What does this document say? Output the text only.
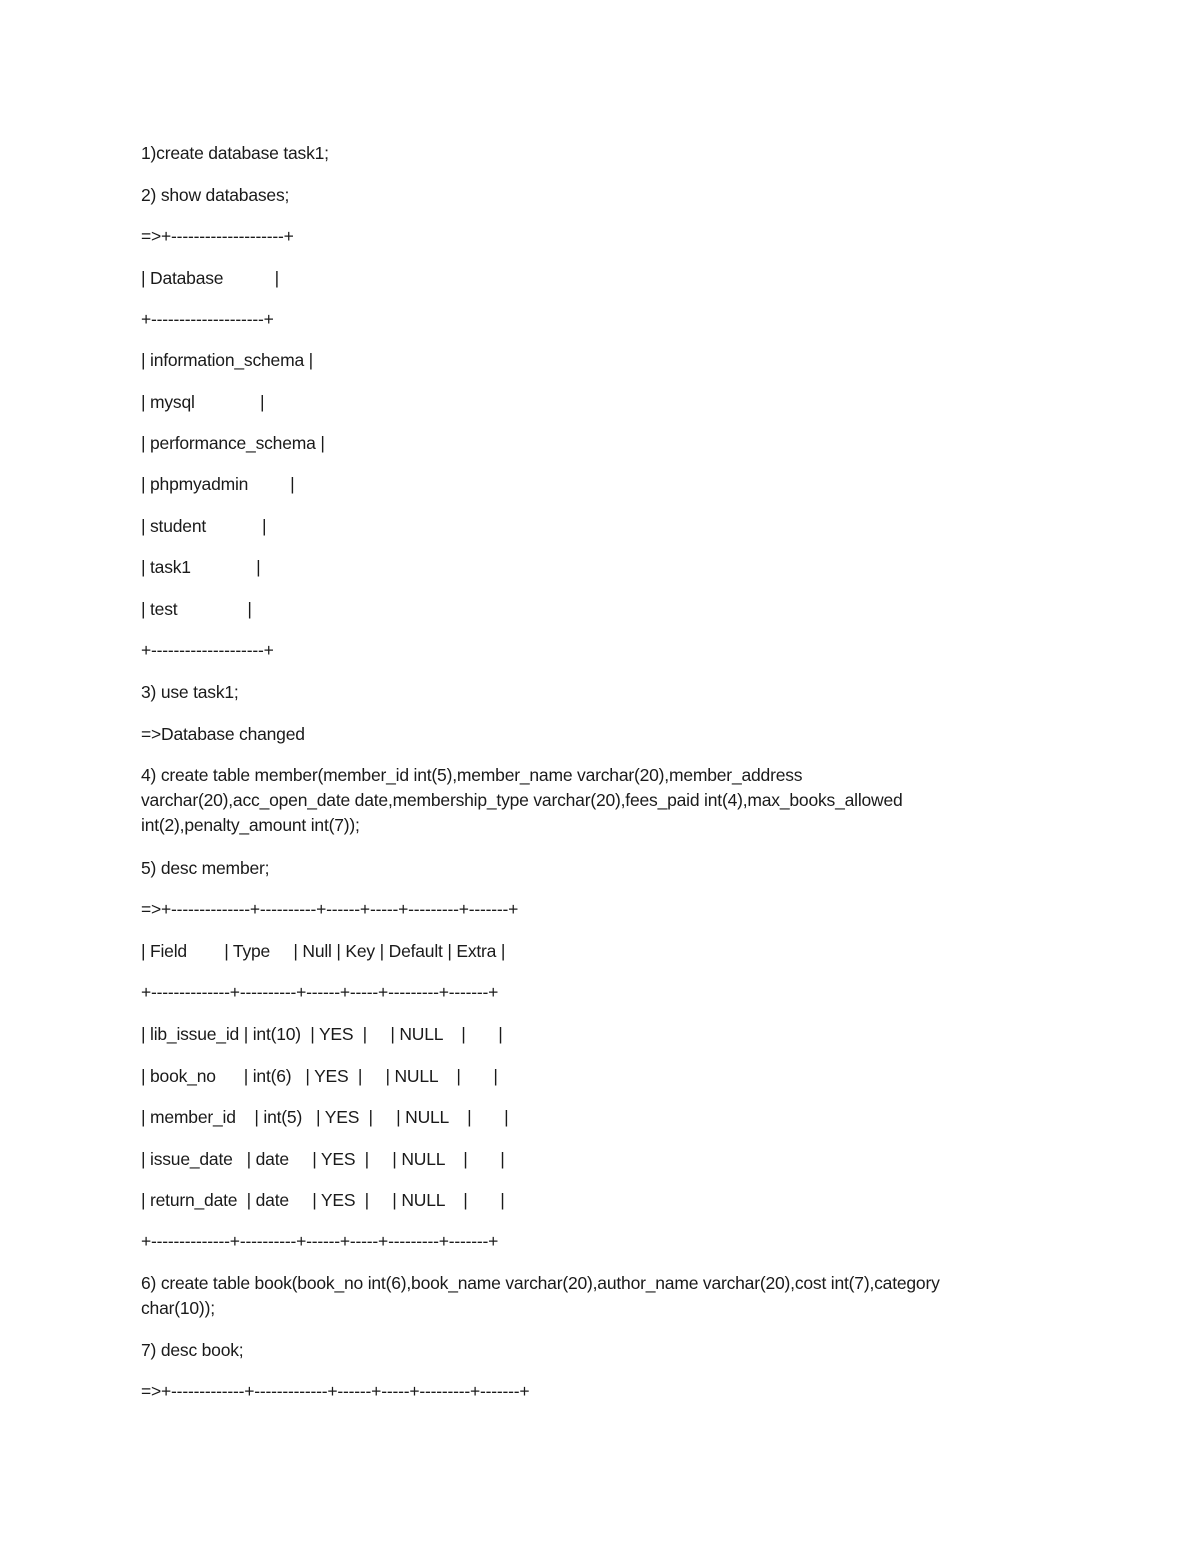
1)create database task1;
2) show databases;
=>+--------------------+
| Database           |
+--------------------+
| information_schema |
| mysql              |
| performance_schema |
| phpmyadmin         |
| student            |
| task1              |
| test               |
+--------------------+
3) use task1;
=>Database changed
4) create table member(member_id int(5),member_name varchar(20),member_address varchar(20),acc_open_date date,membership_type varchar(20),fees_paid int(4),max_books_allowed int(2),penalty_amount int(7));
5) desc member;
=>+--------------+----------+------+-----+---------+-------+
| Field        | Type     | Null | Key | Default | Extra |
+--------------+----------+------+-----+---------+-------+
| lib_issue_id | int(10)  | YES  |     | NULL    |       |
| book_no      | int(6)   | YES  |     | NULL    |       |
| member_id    | int(5)   | YES  |     | NULL    |       |
| issue_date   | date     | YES  |     | NULL    |       |
| return_date  | date     | YES  |     | NULL    |       |
+--------------+----------+------+-----+---------+-------+
6) create table book(book_no int(6),book_name varchar(20),author_name varchar(20),cost int(7),category char(10));
7) desc book;
=>+-------------+-------------+------+-----+---------+-------+
